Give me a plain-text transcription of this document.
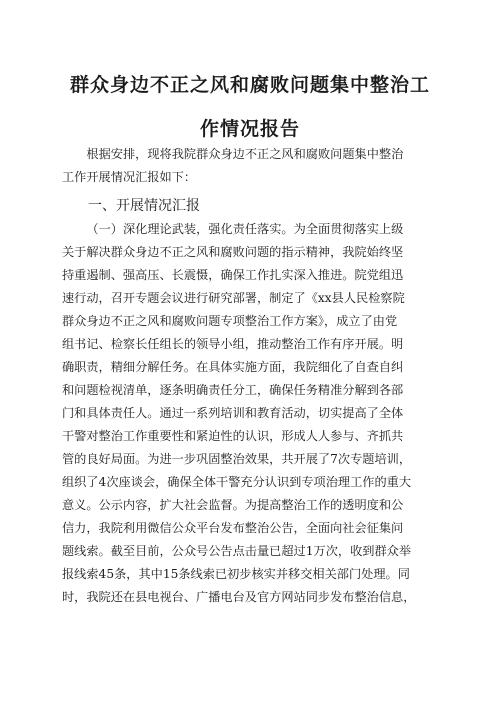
群众身边不正之风和腐败问题集中整治工
作情况报告
根据安排，现将我院群众身边不正之风和腐败问题集中整治
工作开展情况汇报如下：
一、开展情况汇报
（一）深化理论武装，强化责任落实。为全面贯彻落实上级
关于解决群众身边不正之风和腐败问题的指示精神，我院始终坚
持重遏制、强高压、长震慑，确保工作扎实深入推进。院党组迅
速行动，召开专题会议进行研究部署，制定了《xx县人民检察院
群众身边不正之风和腐败问题专项整治工作方案》，成立了由党
组书记、检察长任组长的领导小组，推动整治工作有序开展。明
确职责，精细分解任务。在具体实施方面，我院细化了自查自纠
和问题检视清单，逐条明确责任分工，确保任务精准分解到各部
门和具体责任人。通过一系列培训和教育活动，切实提高了全体
干警对整治工作重要性和紧迫性的认识，形成人人参与、齐抓共
管的良好局面。为进一步巩固整治效果，共开展了7次专题培训，
组织了4次座谈会，确保全体干警充分认识到专项治理工作的重大
意义。公示内容，扩大社会监督。为提高整治工作的透明度和公
信力，我院利用微信公众平台发布整治公告，全面向社会征集问
题线索。截至目前，公众号公告点击量已超过1万次，收到群众举
报线索45条，其中15条线索已初步核实并移交相关部门处理。同
时，我院还在县电视台、广播电台及官方网站同步发布整治信息，
